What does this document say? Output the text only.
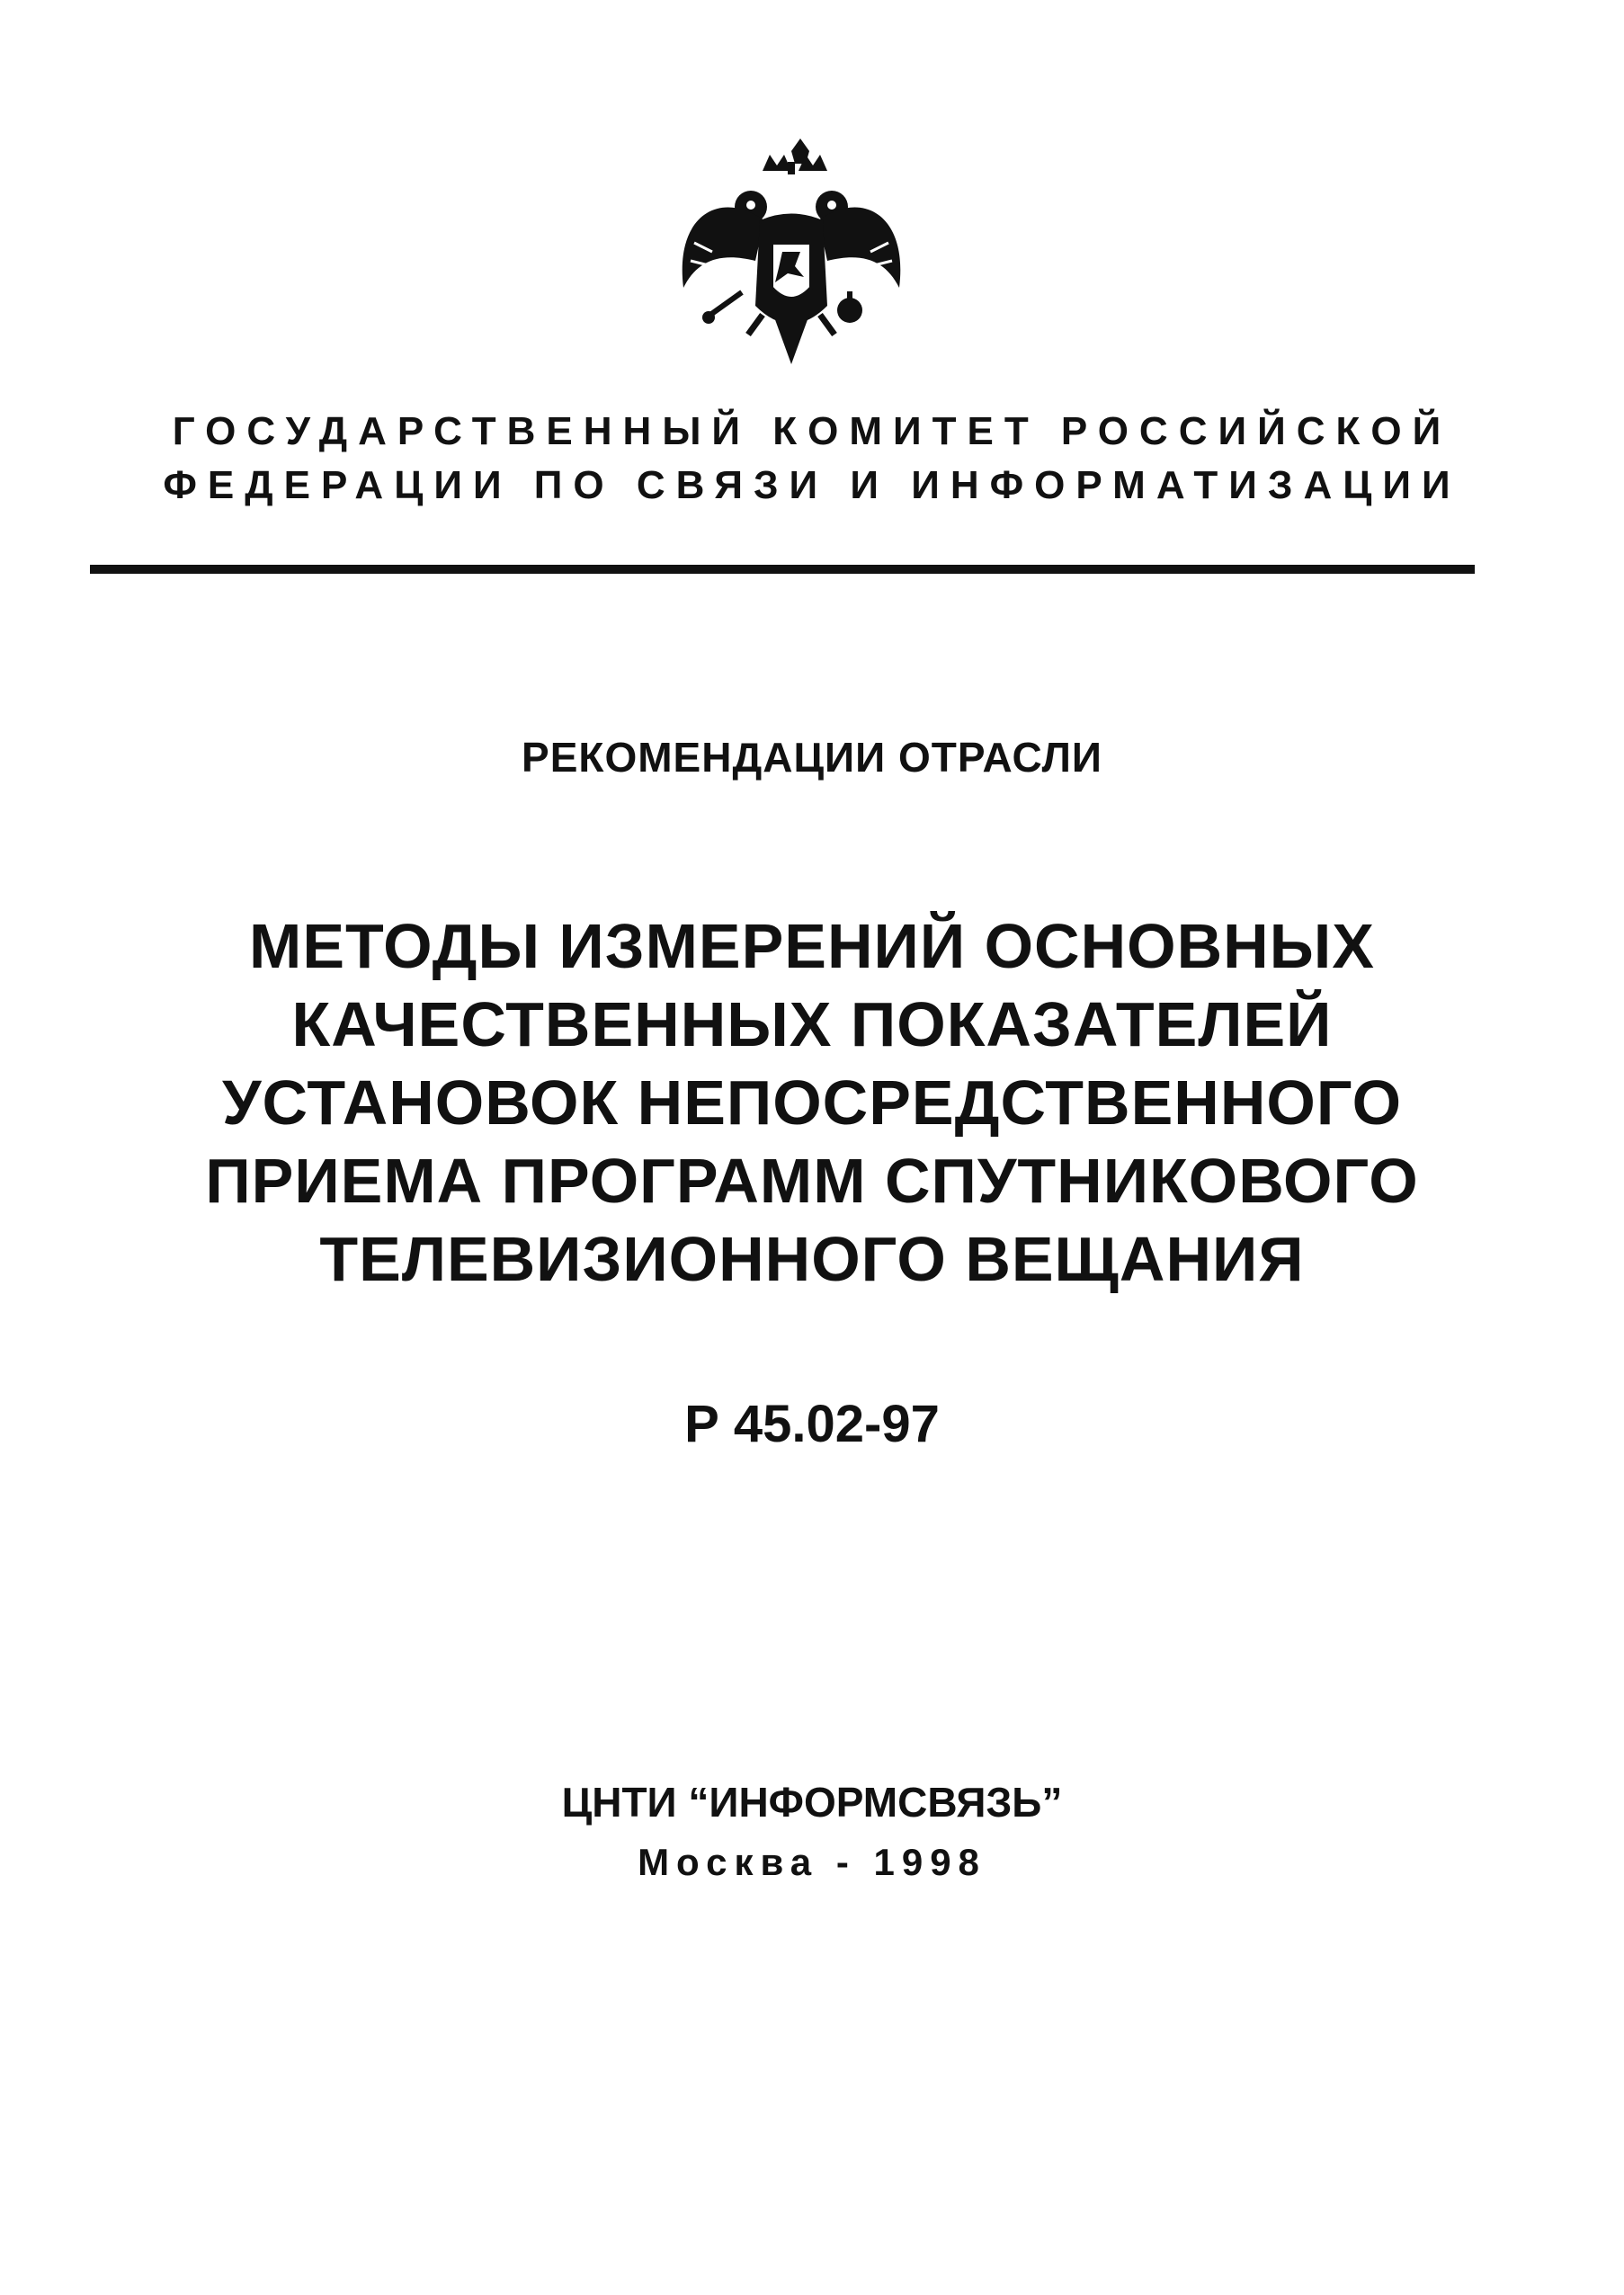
ГОСУДАРСТВЕННЫЙ КОМИТЕТ РОССИЙСКОЙ
ФЕДЕРАЦИИ ПО СВЯЗИ И ИНФОРМАТИЗАЦИИ
РЕКОМЕНДАЦИИ ОТРАСЛИ
МЕТОДЫ ИЗМЕРЕНИЙ ОСНОВНЫХ
КАЧЕСТВЕННЫХ ПОКАЗАТЕЛЕЙ
УСТАНОВОК НЕПОСРЕДСТВЕННОГО
ПРИЕМА ПРОГРАММ СПУТНИКОВОГО
ТЕЛЕВИЗИОННОГО ВЕЩАНИЯ
Р 45.02-97
ЦНТИ “ИНФОРМСВЯЗЬ”
Москва - 1998
